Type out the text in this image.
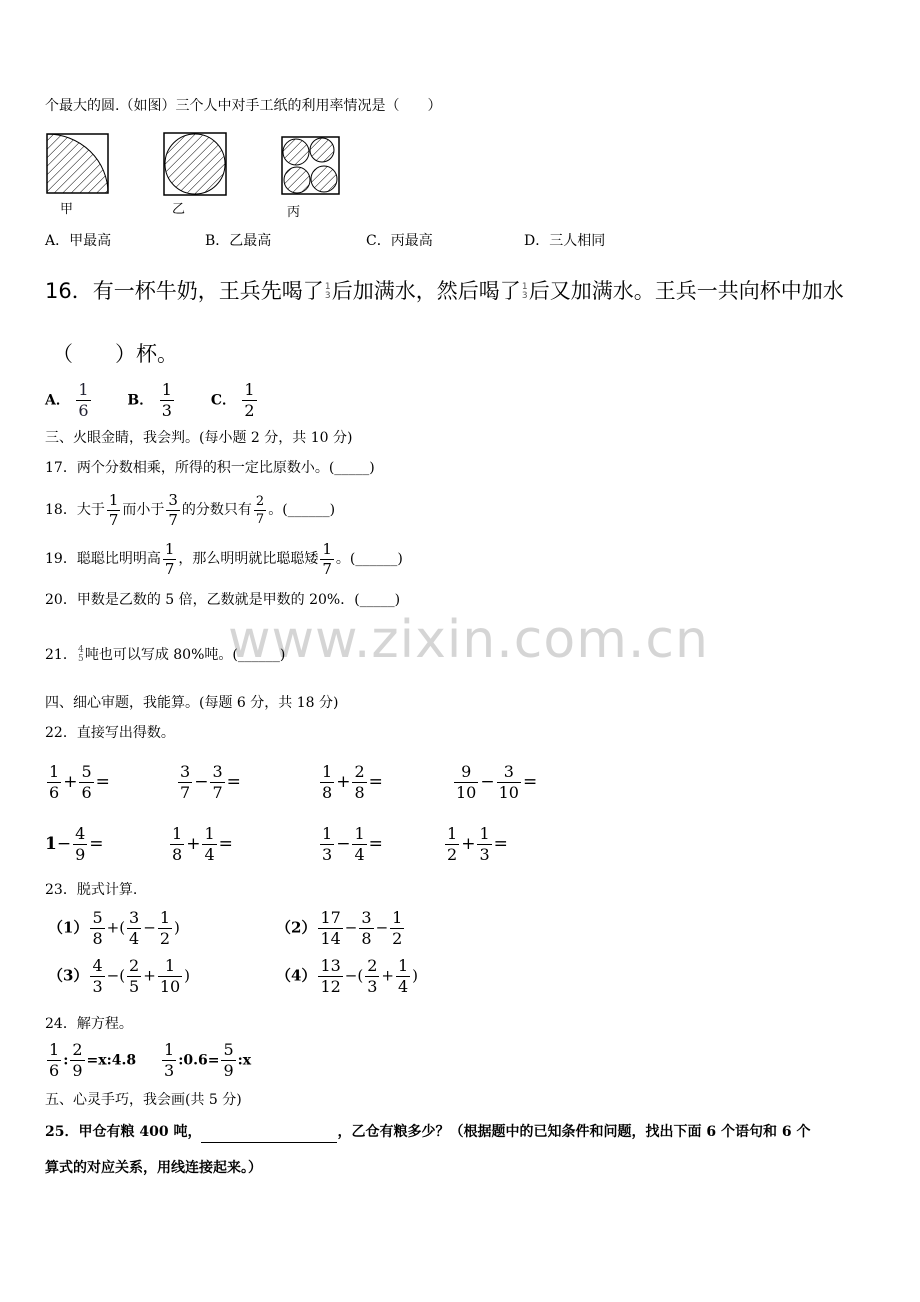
个最大的圆.（如图）三个人中对手工纸的利用率情况是（　　）
甲	乙	丙
A．甲最高	B．乙最高	C．丙最高	D．三人相同
16．有一杯牛奶，王兵先喝了1
3后加满水，然后喝了1
3后又加满水。王兵一共向杯中加水
（　　）杯。
A． $\frac{1}{6}$	B． $\frac{1}{3}$	C． $\frac{1}{2}$
三、火眼金睛，我会判。(每小题 2 分，共 10 分)
17．两个分数相乘，所得的积一定比原数小。(_____)
18．大于 $\frac{1}{7}$ 而小于 $\frac{3}{7}$ 的分数只有 $\frac{2}{7}$ 。(______)
19．聪聪比明明高 $\frac{1}{7}$ ，那么明明就比聪聪矮 $\frac{1}{7}$ 。(______)
20．甲数是乙数的 5 倍，乙数就是甲数的 20%．(_____)
www.zixin.com.cn
21．4
5吨也可以写成 80%吨。(______)
四、细心审题，我能算。(每题 6 分，共 18 分)
22．直接写出得数。
$\frac{1}{6} + \frac{5}{6}$ =	$\frac{3}{7} - \frac{3}{7}$ =	$\frac{1}{8} + \frac{2}{8}$ =	$\frac{9}{10} - \frac{3}{10}$ =
$1- \frac{4}{9}$ =	$\frac{1}{8} + \frac{1}{4}$ =	$\frac{1}{3} - \frac{1}{4}$ =	$\frac{1}{2} + \frac{1}{3}$ =
23．脱式计算.
$(1) \frac{5}{8}$ +( $\frac{3}{4} - \frac{1}{2}$ )	$(2) \frac{17}{14} - \frac{3}{8} - \frac{1}{2}$
$(3) \frac{4}{3}$ −( $\frac{2}{5} + \frac{1}{10}$ )	$(4) \frac{13}{12}$ −( $\frac{2}{3} + \frac{1}{4}$ )
24．解方程。
$\frac{1}{6}$ : $\frac{2}{9}$ =x:4.8 $\frac{1}{3}$ :0.6= $\frac{5}{9}$ :x
五、心灵手巧，我会画(共 5 分)
25．甲仓有粮 400 吨，	，乙仓有粮多少？（根据题中的已知条件和问题，找出下面 6 个语句和 6 个
算式的对应关系，用线连接起来。）
